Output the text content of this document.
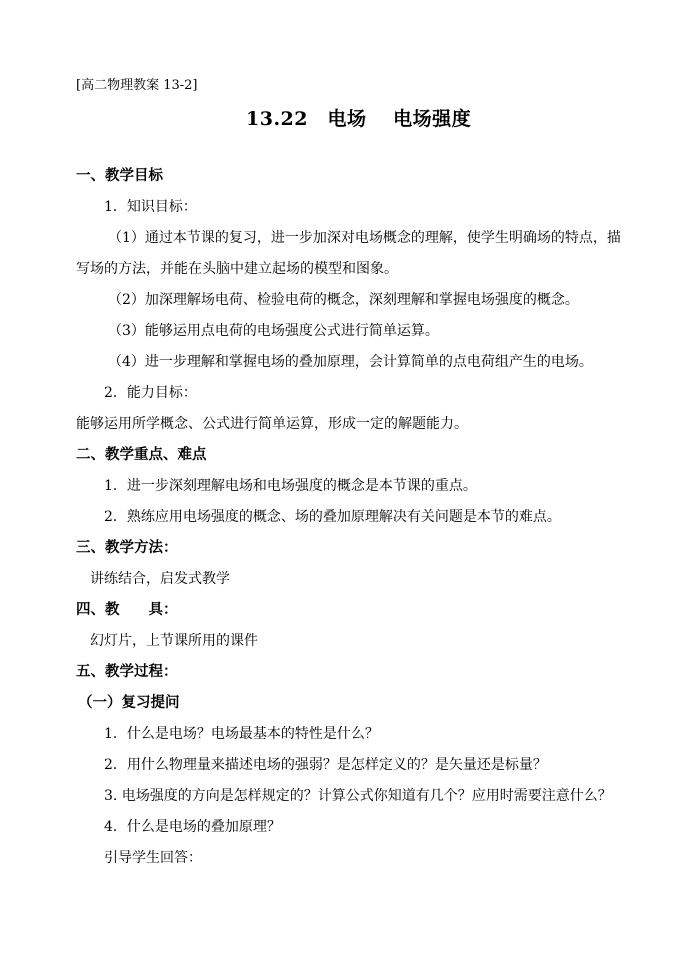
[高二物理教案 13-2]
13.22　电场　 电场强度
一、教学目标
1．知识目标：
（1）通过本节课的复习，进一步加深对电场概念的理解，使学生明确场的特点，描
写场的方法，并能在头脑中建立起场的模型和图象。
（2）加深理解场电荷、检验电荷的概念，深刻理解和掌握电场强度的概念。
（3）能够运用点电荷的电场强度公式进行简单运算。
（4）进一步理解和掌握电场的叠加原理，会计算简单的点电荷组产生的电场。
2．能力目标：
能够运用所学概念、公式进行简单运算，形成一定的解题能力。
二、教学重点、难点
1．进一步深刻理解电场和电场强度的概念是本节课的重点。
2．熟练应用电场强度的概念、场的叠加原理解决有关问题是本节的难点。
三、教学方法：
讲练结合，启发式教学
四、教　　具：
幻灯片，上节课所用的课件
五、教学过程：
（一）复习提问
1．什么是电场？电场最基本的特性是什么？
2．用什么物理量来描述电场的强弱？是怎样定义的？是矢量还是标量？
3. 电场强度的方向是怎样规定的？计算公式你知道有几个？应用时需要注意什么？
4．什么是电场的叠加原理？
引导学生回答：
